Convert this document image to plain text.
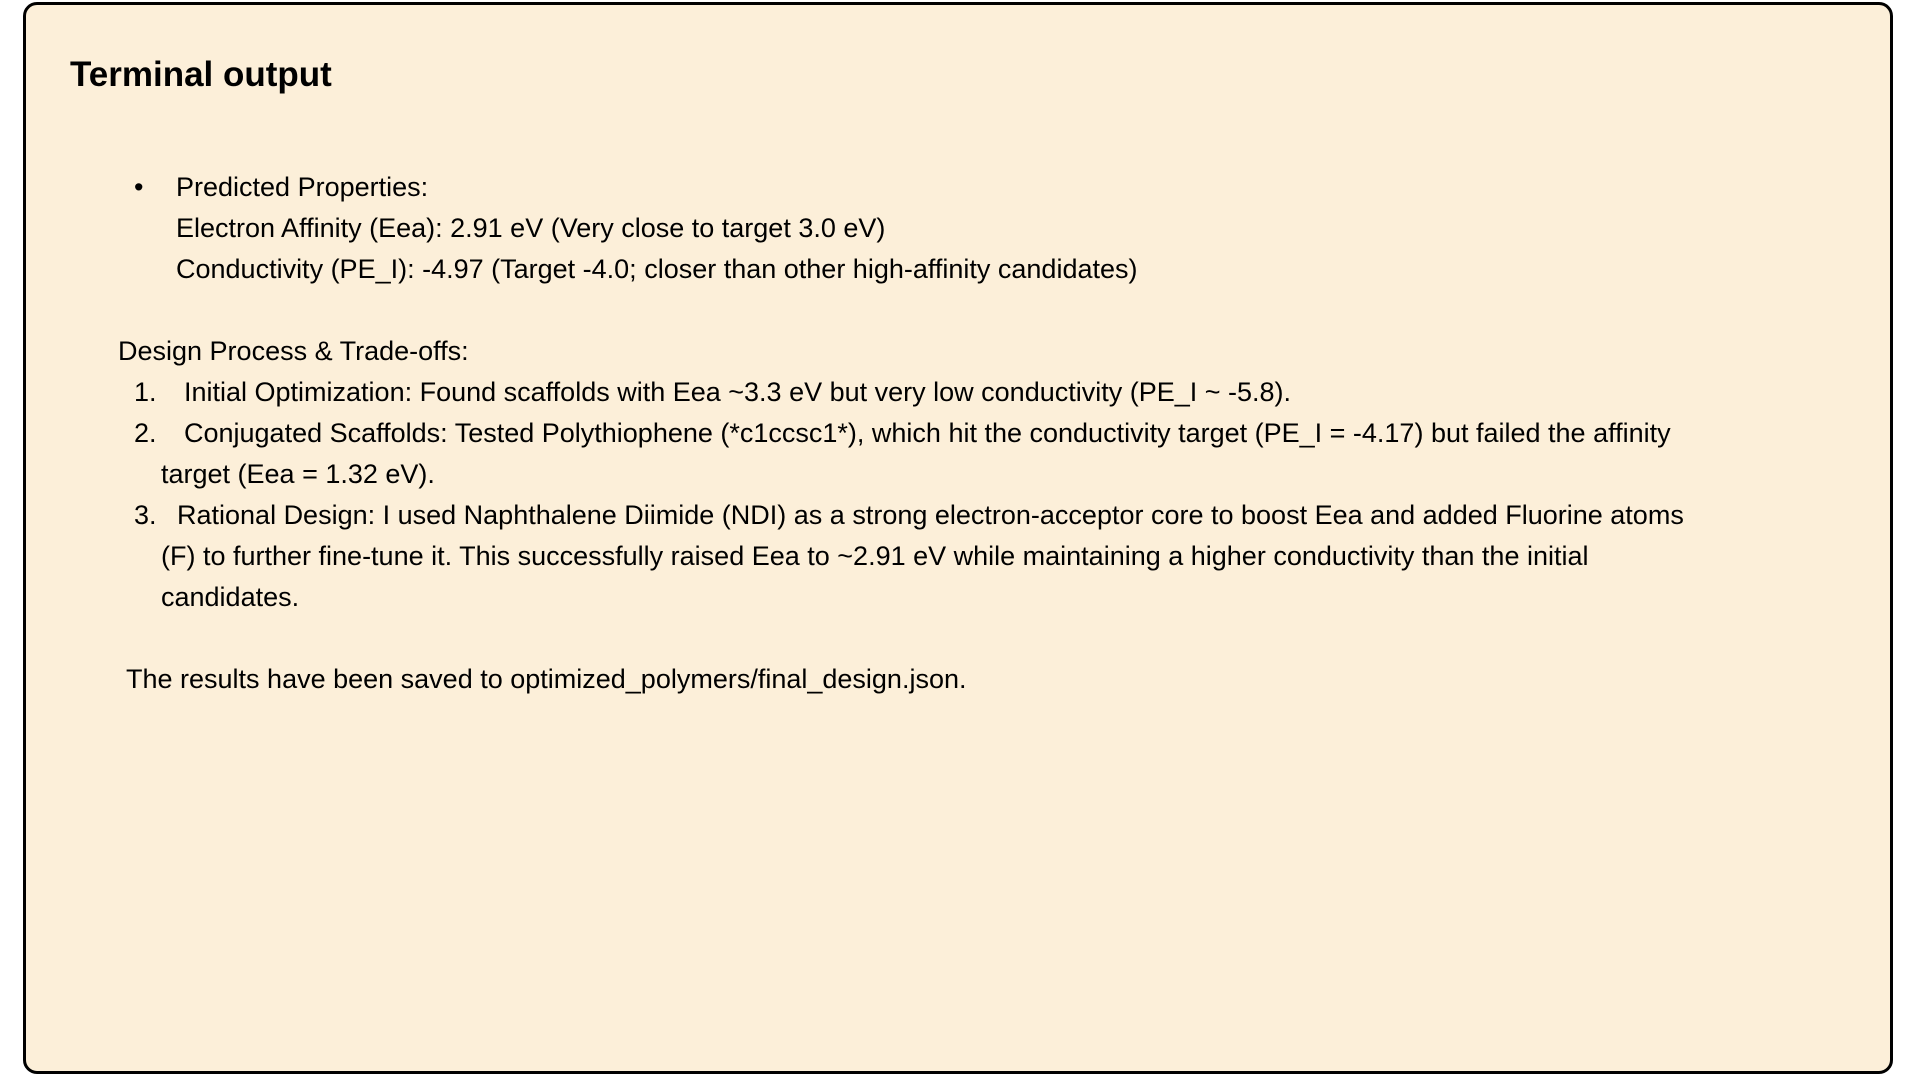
Terminal output
• Predicted Properties:
Electron Affinity (Eea): 2.91 eV (Very close to target 3.0 eV)
Conductivity (PE_I): -4.97 (Target -4.0; closer than other high-affinity candidates)
Design Process & Trade-offs:
1. Initial Optimization: Found scaffolds with Eea ~3.3 eV but very low conductivity (PE_I ~ -5.8).
2. Conjugated Scaffolds: Tested Polythiophene (*c1ccsc1*), which hit the conductivity target (PE_I = -4.17) but failed the affinity
target (Eea = 1.32 eV).
3. Rational Design: I used Naphthalene Diimide (NDI) as a strong electron-acceptor core to boost Eea and added Fluorine atoms
(F) to further fine-tune it. This successfully raised Eea to ~2.91 eV while maintaining a higher conductivity than the initial
candidates.
The results have been saved to optimized_polymers/final_design.json.
